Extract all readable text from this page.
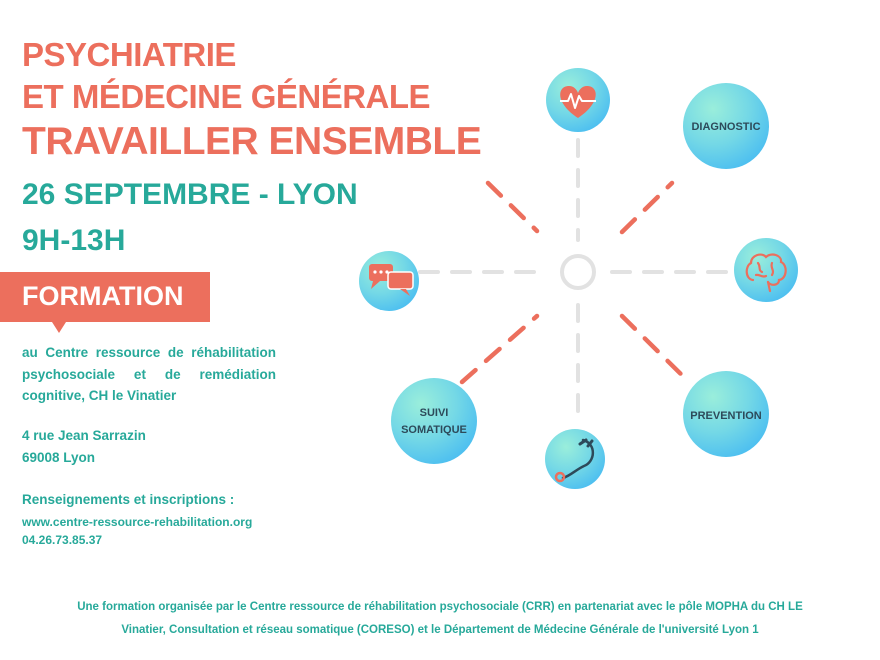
PSYCHIATRIE
ET MÉDECINE GÉNÉRALE
TRAVAILLER ENSEMBLE
26 SEPTEMBRE - LYON
9H-13H
FORMATION
au Centre ressource de réhabilitation psychosociale et de remédiation cognitive, CH le Vinatier
4 rue Jean Sarrazin
69008 Lyon
Renseignements et inscriptions :
www.centre-ressource-rehabilitation.org
04.26.73.85.37
Une formation organisée par le Centre ressource de réhabilitation psychosociale (CRR) en partenariat avec le pôle MOPHA du CH LE
Vinatier, Consultation et réseau somatique (CORESO) et le Département de Médecine Générale de l'université Lyon 1
DIAGNOSTIC
SUIVI
SOMATIQUE
PREVENTION
